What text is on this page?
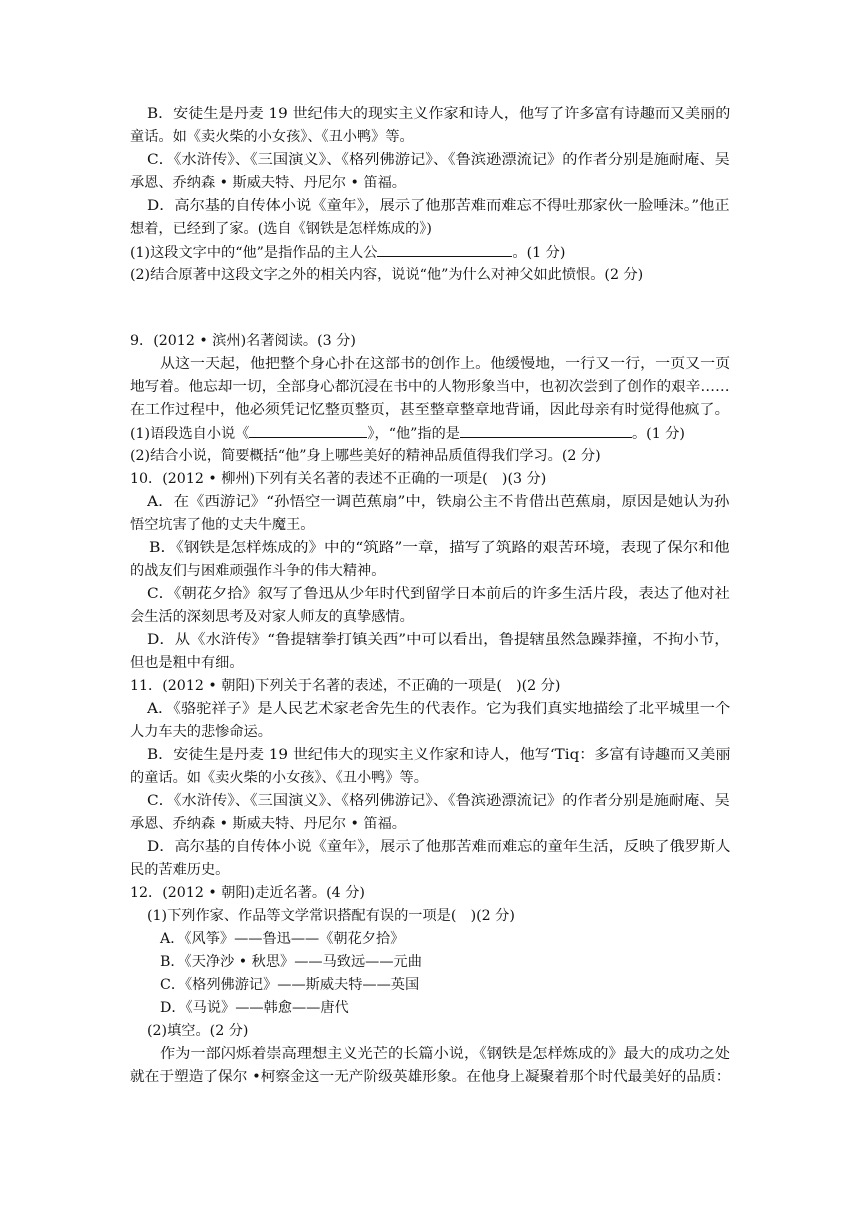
B．安徒生是丹麦 19 世纪伟大的现实主义作家和诗人，他写了许多富有诗趣而又美丽的
童话。如《卖火柴的小女孩》、《丑小鸭》等。
C．《水浒传》、《三国演义》、《格列佛游记》、《鲁滨逊漂流记》的作者分别是施耐庵、吴
承恩、乔纳森 • 斯威夫特、丹尼尔 • 笛福。
D．高尔基的自传体小说《童年》，展示了他那苦难而难忘不得吐那家伙一脸唾沫。”他正
想着，已经到了家。(选自《钢铁是怎样炼成的》)
(1)这段文字中的“他”是指作品的主人公	。(1 分)
(2)结合原著中这段文字之外的相关内容，说说“他”为什么对神父如此愤恨。(2 分)
9．(2012 • 滨州)名著阅读。(3 分)
从这一天起，他把整个身心扑在这部书的创作上。他缓慢地，一行又一行，一页又一页
地写着。他忘却一切，全部身心都沉浸在书中的人物形象当中，也初次尝到了创作的艰辛……
在工作过程中，他必须凭记忆整页整页，甚至整章整章地背诵，因此母亲有时觉得他疯了。
(1)语段选自小说《	》，“他”指的是	。(1 分)
(2)结合小说，简要概括“他”身上哪些美好的精神品质值得我们学习。(2 分)
10．(2012 • 柳州)下列有关名著的表述不正确的一项是(　)(3 分)
A．在《西游记》“孙悟空一调芭蕉扇”中，铁扇公主不肯借出芭蕉扇，原因是她认为孙
悟空坑害了他的丈夫牛魔王。
B．《钢铁是怎样炼成的》中的“筑路”一章，描写了筑路的艰苦环境，表现了保尔和他
的战友们与困难顽强作斗争的伟大精神。
C．《朝花夕拾》叙写了鲁迅从少年时代到留学日本前后的许多生活片段，表达了他对社
会生活的深刻思考及对家人师友的真挚感情。
D．从《水浒传》“鲁提辖拳打镇关西”中可以看出，鲁提辖虽然急躁莽撞，不拘小节，
但也是粗中有细。
11．(2012 • 朝阳)下列关于名著的表述，不正确的一项是(　)(2 分)
A．《骆驼祥子》是人民艺术家老舍先生的代表作。它为我们真实地描绘了北平城里一个
人力车夫的悲惨命运。
B．安徒生是丹麦 19 世纪伟大的现实主义作家和诗人，他写‘Tiq：多富有诗趣而又美丽
的童话。如《卖火柴的小女孩》、《丑小鸭》等。
C．《水浒传》、《三国演义》、《格列佛游记》、《鲁滨逊漂流记》的作者分别是施耐庵、吴
承恩、乔纳森 • 斯威夫特、丹尼尔 • 笛福。
D．高尔基的自传体小说《童年》，展示了他那苦难而难忘的童年生活，反映了俄罗斯人
民的苦难历史。
12．(2012 • 朝阳)走近名著。(4 分)
(1)下列作家、作品等文学常识搭配有误的一项是(　)(2 分)
A．《风筝》——鲁迅——《朝花夕拾》
B．《天净沙 • 秋思》——马致远——元曲
C．《格列佛游记》——斯威夫特——英国
D．《马说》——韩愈——唐代
(2)填空。(2 分)
作为一部闪烁着崇高理想主义光芒的长篇小说，《钢铁是怎样炼成的》最大的成功之处
就在于塑造了保尔 •柯察金这一无产阶级英雄形象。在他身上凝聚着那个时代最美好的品质：
